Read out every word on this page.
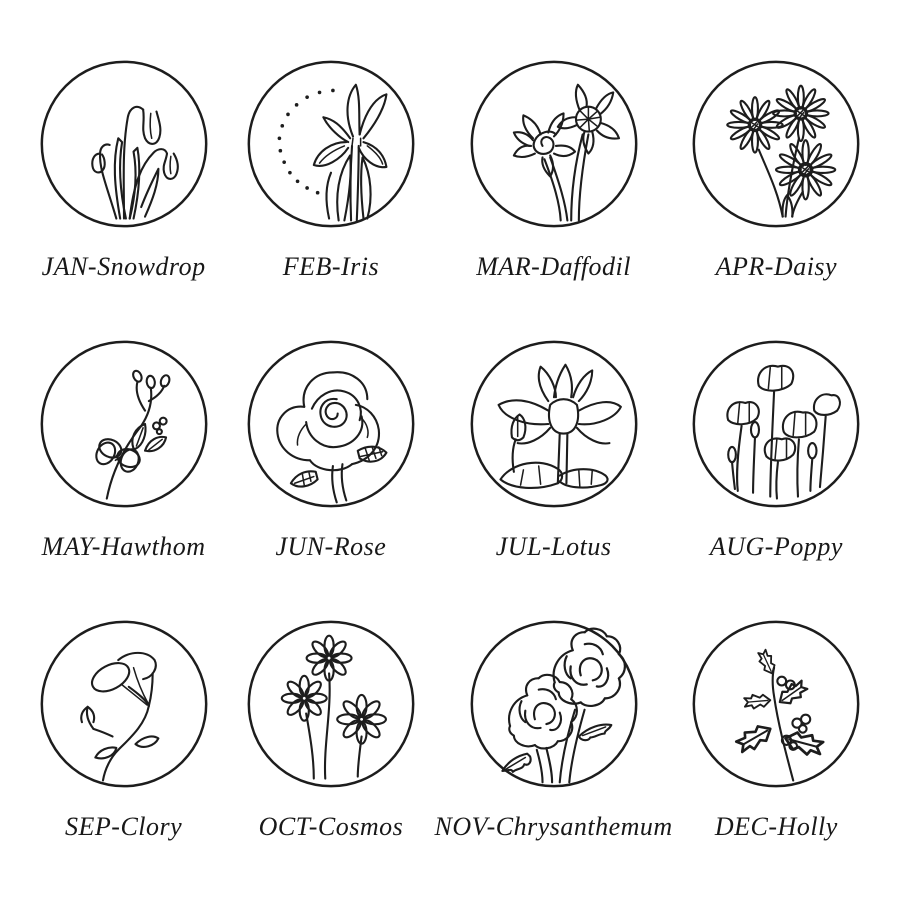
JAN-Snowdrop	FEB-Iris	MAR-Daffodil	APR-Daisy
MAY-Hawthom	JUN-Rose	JUL-Lotus	AUG-Poppy
SEP-Clory	OCT-Cosmos NOV-Chrysanthemum DEC-Holly
